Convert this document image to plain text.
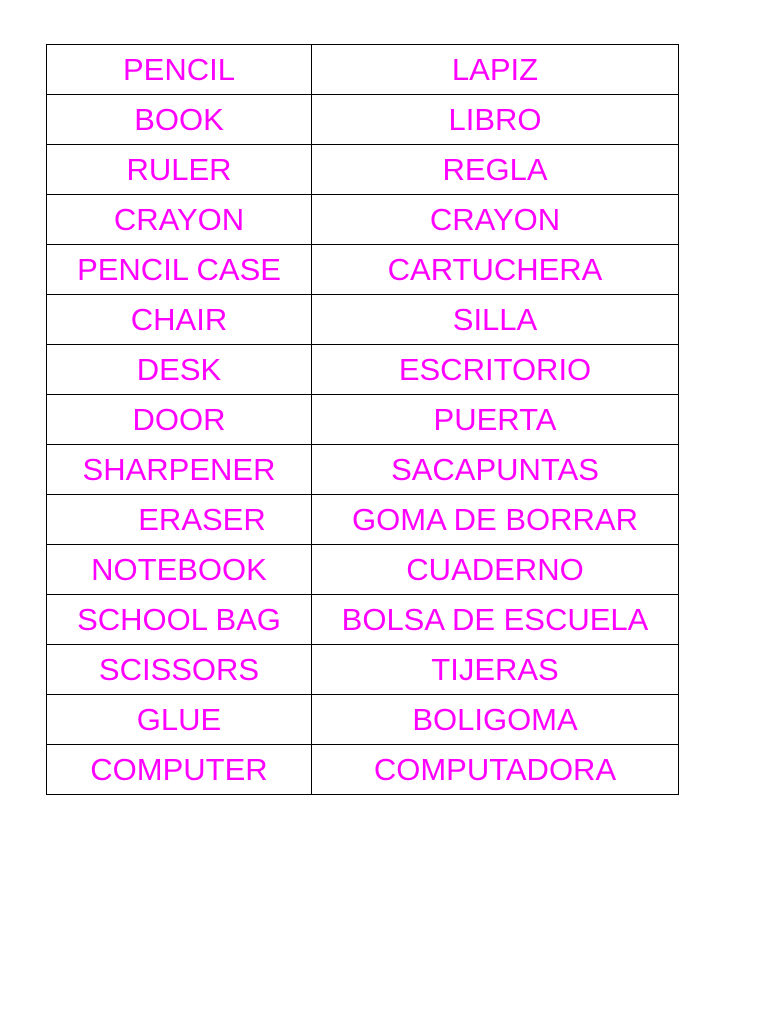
PENCIL	LAPIZ
BOOK	LIBRO
RULER	REGLA
CRAYON	CRAYON
PENCIL CASE	CARTUCHERA
CHAIR	SILLA
DESK	ESCRITORIO
DOOR	PUERTA
SHARPENER	SACAPUNTAS
ERASER	GOMA DE BORRAR
NOTEBOOK	CUADERNO
SCHOOL BAG	BOLSA DE ESCUELA
SCISSORS	TIJERAS
GLUE	BOLIGOMA
COMPUTER	COMPUTADORA
